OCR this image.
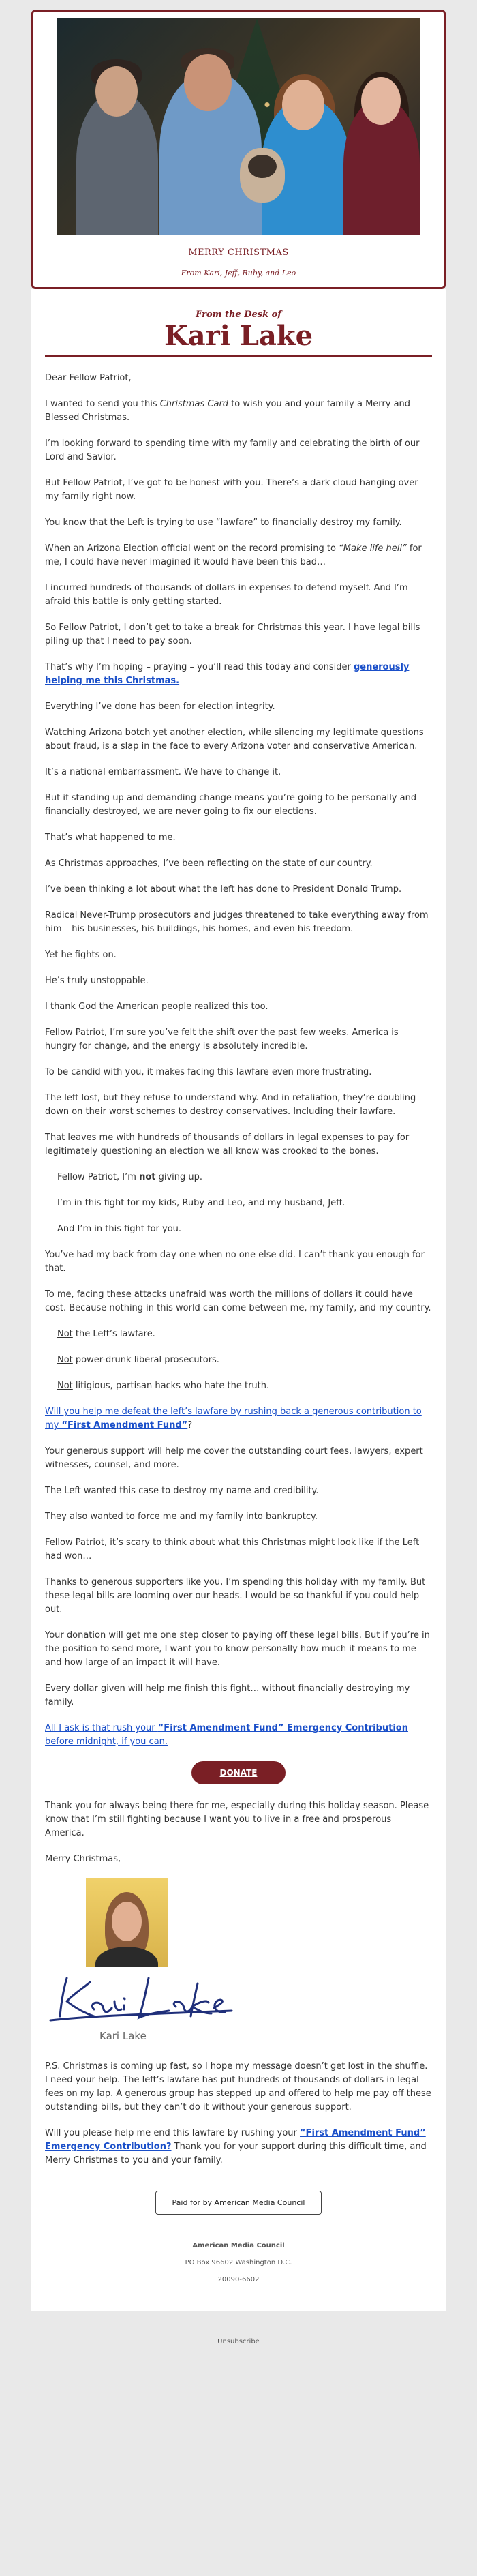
MERRY CHRISTMAS
From Kari, Jeff, Ruby, and Leo
From the Desk of
Kari Lake

Dear Fellow Patriot,

I wanted to send you this Christmas Card to wish you and your family a Merry and Blessed Christmas.

I’m looking forward to spending time with my family and celebrating the birth of our Lord and Savior.

But Fellow Patriot, I’ve got to be honest with you. There’s a dark cloud hanging over my family right now.

You know that the Left is trying to use “lawfare” to financially destroy my family.

When an Arizona Election official went on the record promising to “Make life hell” for me, I could have never imagined it would have been this bad…

I incurred hundreds of thousands of dollars in expenses to defend myself. And I’m afraid this battle is only getting started.

So Fellow Patriot, I don’t get to take a break for Christmas this year. I have legal bills piling up that I need to pay soon.

That’s why I’m hoping – praying – you’ll read this today and consider generously helping me this Christmas.

Everything I’ve done has been for election integrity.

Watching Arizona botch yet another election, while silencing my legitimate questions about fraud, is a slap in the face to every Arizona voter and conservative American.

It’s a national embarrassment. We have to change it.

But if standing up and demanding change means you’re going to be personally and financially destroyed, we are never going to fix our elections.

That’s what happened to me.

As Christmas approaches, I’ve been reflecting on the state of our country.

I’ve been thinking a lot about what the left has done to President Donald Trump.

Radical Never-Trump prosecutors and judges threatened to take everything away from him – his businesses, his buildings, his homes, and even his freedom.

Yet he fights on.

He’s truly unstoppable.

I thank God the American people realized this too.

Fellow Patriot, I’m sure you’ve felt the shift over the past few weeks. America is hungry for change, and the energy is absolutely incredible.

To be candid with you, it makes facing this lawfare even more frustrating.

The left lost, but they refuse to understand why. And in retaliation, they’re doubling down on their worst schemes to destroy conservatives. Including their lawfare.

That leaves me with hundreds of thousands of dollars in legal expenses to pay for legitimately questioning an election we all know was crooked to the bones.

Fellow Patriot, I’m not giving up.

I’m in this fight for my kids, Ruby and Leo, and my husband, Jeff.

And I’m in this fight for you.

You’ve had my back from day one when no one else did. I can’t thank you enough for that.

To me, facing these attacks unafraid was worth the millions of dollars it could have cost. Because nothing in this world can come between me, my family, and my country.

Not the Left’s lawfare.

Not power-drunk liberal prosecutors.

Not litigious, partisan hacks who hate the truth.

Will you help me defeat the left’s lawfare by rushing back a generous contribution to my “First Amendment Fund”?

Your generous support will help me cover the outstanding court fees, lawyers, expert witnesses, counsel, and more.

The Left wanted this case to destroy my name and credibility.

They also wanted to force me and my family into bankruptcy.

Fellow Patriot, it’s scary to think about what this Christmas might look like if the Left had won…

Thanks to generous supporters like you, I’m spending this holiday with my family. But these legal bills are looming over our heads. I would be so thankful if you could help out.

Your donation will get me one step closer to paying off these legal bills. But if you’re in the position to send more, I want you to know personally how much it means to me and how large of an impact it will have.

Every dollar given will help me finish this fight… without financially destroying my family.

All I ask is that rush your “First Amendment Fund” Emergency Contribution before midnight, if you can.

DONATE

Thank you for always being there for me, especially during this holiday season. Please know that I’m still fighting because I want you to live in a free and prosperous America.

Merry Christmas,

Kari Lake

P.S. Christmas is coming up fast, so I hope my message doesn’t get lost in the shuffle. I need your help. The left’s lawfare has put hundreds of thousands of dollars in legal fees on my lap. A generous group has stepped up and offered to help me pay off these outstanding bills, but they can’t do it without your generous support.

Will you please help me end this lawfare by rushing your “First Amendment Fund” Emergency Contribution? Thank you for your support during this difficult time, and Merry Christmas to you and your family.

Paid for by American Media Council
American Media Council
PO Box 96602 Washington D.C.
20090-6602
Unsubscribe
